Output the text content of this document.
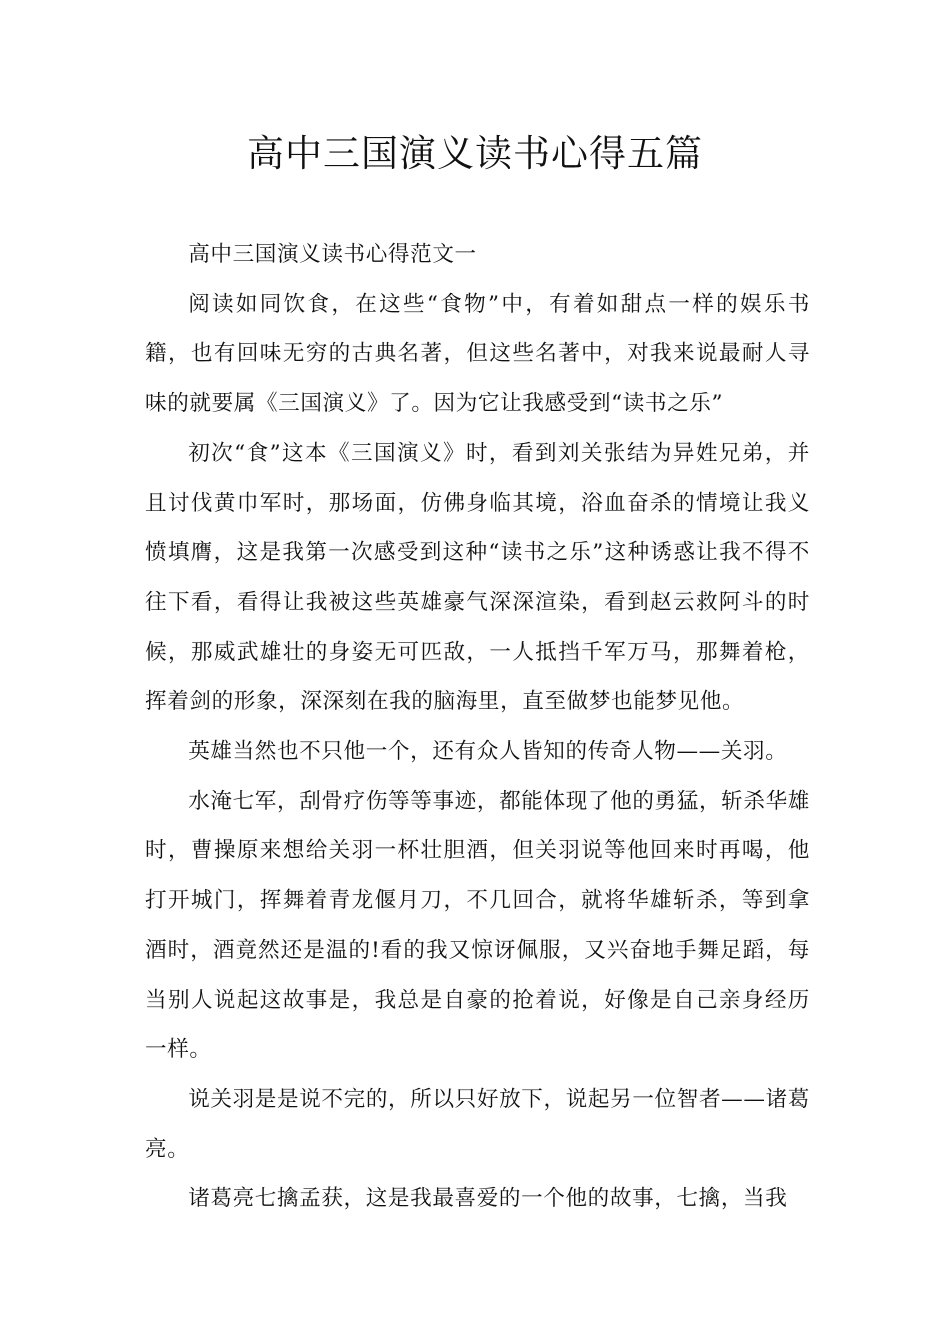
高中三国演义读书心得五篇

高中三国演义读书心得范文一

阅读如同饮食，在这些“食物”中，有着如甜点一样的娱乐书籍，也有回味无穷的古典名著，但这些名著中，对我来说最耐人寻味的就要属《三国演义》了。因为它让我感受到“读书之乐”

初次“食”这本《三国演义》时，看到刘关张结为异姓兄弟，并且讨伐黄巾军时，那场面，仿佛身临其境，浴血奋杀的情境让我义愤填膺，这是我第一次感受到这种“读书之乐”这种诱惑让我不得不往下看，看得让我被这些英雄豪气深深渲染，看到赵云救阿斗的时候，那威武雄壮的身姿无可匹敌，一人抵挡千军万马，那舞着枪，挥着剑的形象，深深刻在我的脑海里，直至做梦也能梦见他。

英雄当然也不只他一个，还有众人皆知的传奇人物——关羽。

水淹七军，刮骨疗伤等等事迹，都能体现了他的勇猛，斩杀华雄时，曹操原来想给关羽一杯壮胆酒，但关羽说等他回来时再喝，他打开城门，挥舞着青龙偃月刀，不几回合，就将华雄斩杀，等到拿酒时，酒竟然还是温的!看的我又惊讶佩服，又兴奋地手舞足蹈，每当别人说起这故事是，我总是自豪的抢着说，好像是自己亲身经历一样。

说关羽是是说不完的，所以只好放下，说起另一位智者——诸葛亮。

诸葛亮七擒孟获，这是我最喜爱的一个他的故事，七擒，当我
